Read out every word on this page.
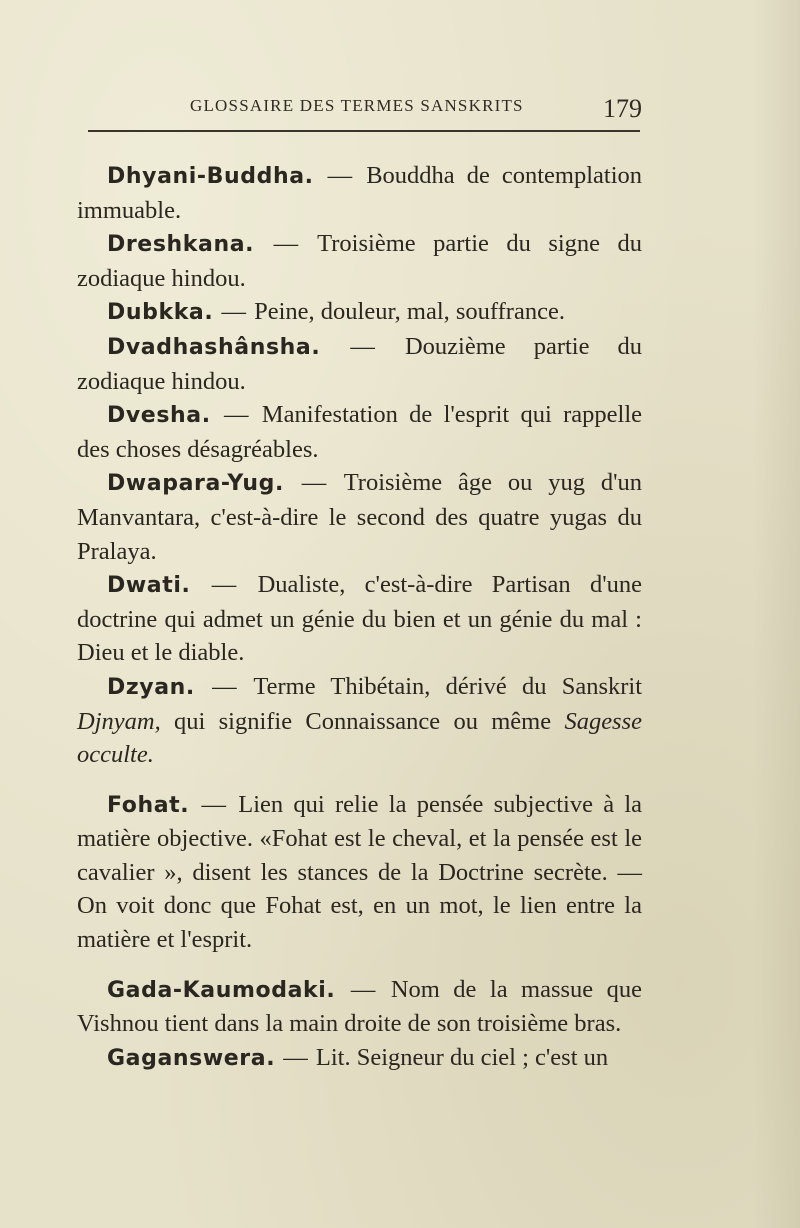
GLOSSAIRE DES TERMES SANSKRITS	179

Dhyani-Buddha. — Bouddha de contemplation immuable.

Dreshkana. — Troisième partie du signe du zodiaque hindou.

Dubkka. — Peine, douleur, mal, souffrance.

Dvadhashânsha. — Douzième partie du zodiaque hindou.

Dvesha. — Manifestation de l'esprit qui rappelle des choses désagréables.

Dwapara-Yug. — Troisième âge ou yug d'un Manvantara, c'est-à-dire le second des quatre yugas du Pralaya.

Dwati. — Dualiste, c'est-à-dire Partisan d'une doctrine qui admet un génie du bien et un génie du mal : Dieu et le diable.

Dzyan. — Terme Thibétain, dérivé du Sanskrit Djnyam, qui signifie Connaissance ou même Sagesse occulte.

Fohat. — Lien qui relie la pensée subjective à la matière objective. «Fohat est le cheval, et la pensée est le cavalier », disent les stances de la Doctrine secrète. — On voit donc que Fohat est, en un mot, le lien entre la matière et l'esprit.

Gada-Kaumodaki. — Nom de la massue que Vishnou tient dans la main droite de son troisième bras.

Gaganswera. — Lit. Seigneur du ciel ; c'est un
